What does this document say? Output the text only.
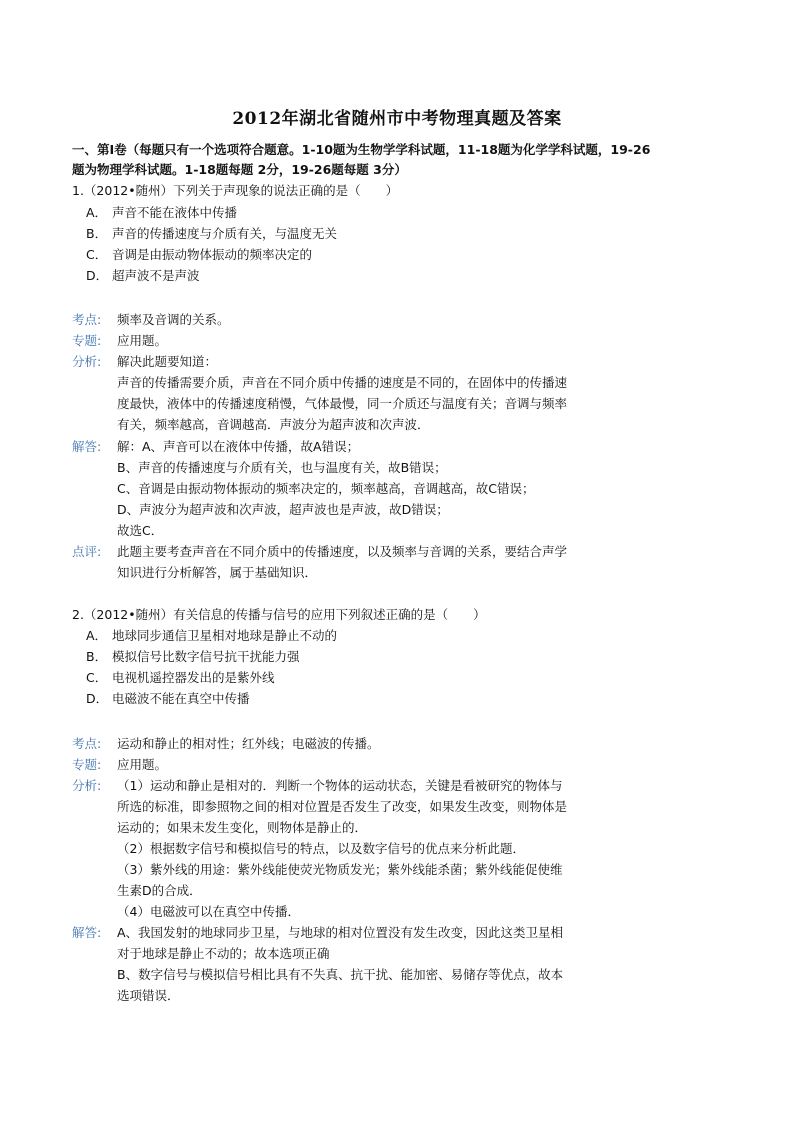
2012年湖北省随州市中考物理真题及答案
一、第Ⅰ卷（每题只有一个选项符合题意。1-10题为生物学学科试题，11-18题为化学学科试题，19-26
题为物理学科试题。1-18题每题 2分，19-26题每题 3分）
1.（2012•随州）下列关于声现象的说法正确的是（　　）
A． 声音不能在液体中传播
B． 声音的传播速度与介质有关，与温度无关
C． 音调是由振动物体振动的频率决定的
D． 超声波不是声波
考点: 频率及音调的关系。
专题: 应用题。
分析: 解决此题要知道：
声音的传播需要介质，声音在不同介质中传播的速度是不同的，在固体中的传播速
度最快，液体中的传播速度稍慢，气体最慢，同一介质还与温度有关；音调与频率
有关，频率越高，音调越高．声波分为超声波和次声波．
解答: 解：A、声音可以在液体中传播，故A错误；
B、声音的传播速度与介质有关，也与温度有关，故B错误；
C、音调是由振动物体振动的频率决定的，频率越高，音调越高，故C错误；
D、声波分为超声波和次声波，超声波也是声波，故D错误；
故选C．
点评: 此题主要考查声音在不同介质中的传播速度，以及频率与音调的关系，要结合声学
知识进行分析解答，属于基础知识．
2.（2012•随州）有关信息的传播与信号的应用下列叙述正确的是（　　）
A． 地球同步通信卫星相对地球是静止不动的
B． 模拟信号比数字信号抗干扰能力强
C． 电视机遥控器发出的是紫外线
D． 电磁波不能在真空中传播
考点: 运动和静止的相对性；红外线；电磁波的传播。
专题: 应用题。
分析: （1）运动和静止是相对的．判断一个物体的运动状态，关键是看被研究的物体与
所选的标准，即参照物之间的相对位置是否发生了改变，如果发生改变，则物体是
运动的；如果未发生变化，则物体是静止的．
（2）根据数字信号和模拟信号的特点，以及数字信号的优点来分析此题．
（3）紫外线的用途：紫外线能使荧光物质发光；紫外线能杀菌；紫外线能促使维
生素D的合成．
（4）电磁波可以在真空中传播．
解答: A、我国发射的地球同步卫星，与地球的相对位置没有发生改变，因此这类卫星相
对于地球是静止不动的；故本选项正确
B、数字信号与模拟信号相比具有不失真、抗干扰、能加密、易储存等优点，故本
选项错误．
